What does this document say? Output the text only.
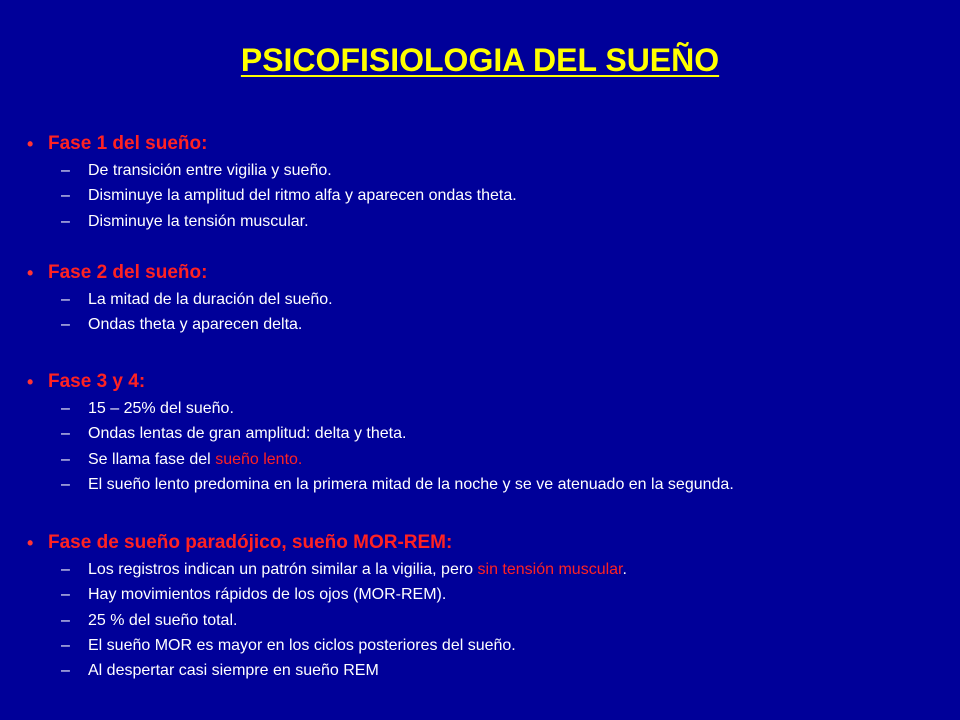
PSICOFISIOLOGIA DEL SUEÑO
• Fase 1 del sueño:
– De transición entre vigilia y sueño.
– Disminuye la amplitud del ritmo alfa y aparecen ondas theta.
– Disminuye la tensión muscular.
• Fase 2 del sueño:
– La mitad de la duración del sueño.
– Ondas theta y aparecen delta.
• Fase 3 y 4:
– 15 – 25% del sueño.
– Ondas lentas de gran amplitud: delta y theta.
– Se llama fase del sueño lento.
– El sueño lento predomina en la primera mitad de la noche y se ve atenuado en la segunda.
• Fase de sueño paradójico, sueño MOR-REM:
– Los registros indican un patrón similar a la vigilia, pero sin tensión muscular.
– Hay movimientos rápidos de los ojos (MOR-REM).
– 25 % del sueño total.
– El sueño MOR es mayor en los ciclos posteriores del sueño.
– Al despertar casi siempre en sueño REM
